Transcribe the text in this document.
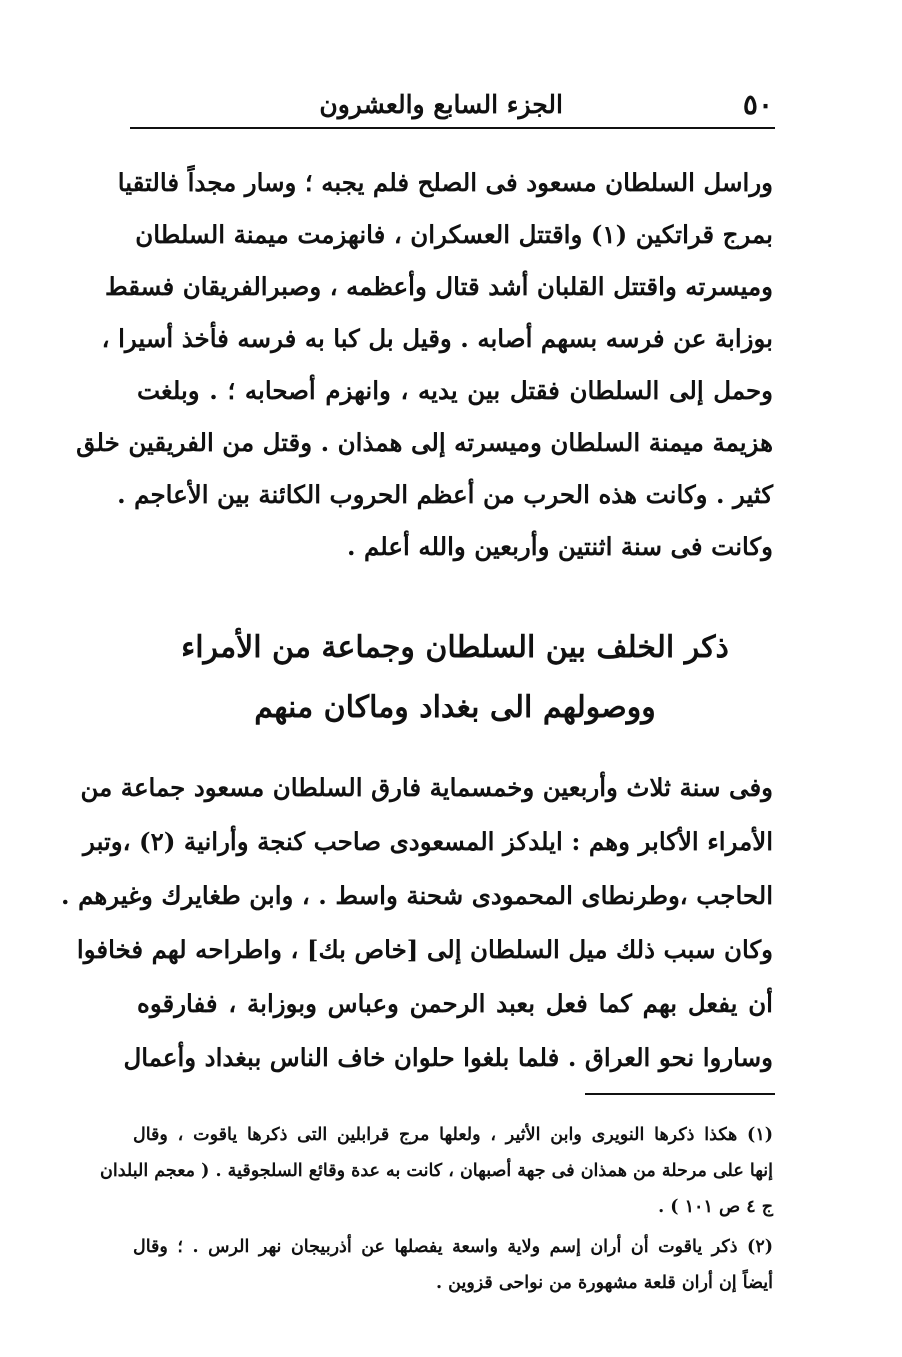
٥٠
الجزء السابع والعشرون
وراسل السلطان مسعود فى الصلح فلم يجبه ؛ وسار مجداً فالتقيا
بمرج قراتكين (١) واقتتل العسكران ، فانهزمت ميمنة السلطان
وميسرته واقتتل القلبان أشد قتال وأعظمه ، وصبرالفريقان فسقط
بوزابة عن فرسه بسهم أصابه . وقيل بل كبا به فرسه فأخذ أسيرا ،
وحمل إلى السلطان فقتل بين يديه ، وانهزم أصحابه ؛ . وبلغت
هزيمة ميمنة السلطان وميسرته إلى همذان . وقتل من الفريقين خلق
كثير . وكانت هذه الحرب من أعظم الحروب الكائنة بين الأعاجم .
وكانت فى سنة اثنتين وأربعين والله أعلم .
ذكر الخلف بين السلطان وجماعة من الأمراء
ووصولهم الى بغداد وماكان منهم
وفى سنة ثلاث وأربعين وخمسماية فارق السلطان مسعود جماعة من
الأمراء الأكابر وهم : ايلدكز المسعودى صاحب كنجة وأرانية (٢) ،وتبر
الحاجب ،وطرنطاى المحمودى شحنة واسط . ، وابن طغايرك وغيرهم .
وكان سبب ذلك ميل السلطان إلى [خاص بك] ، واطراحه لهم فخافوا
أن يفعل بهم كما فعل بعبد الرحمن وعباس وبوزابة ، ففارقوه
وساروا نحو العراق . فلما بلغوا حلوان خاف الناس ببغداد وأعمال
(١) هكذا ذكرها النويرى وابن الأثير ، ولعلها مرج قرابلين التى ذكرها ياقوت ، وقال
إنها على مرحلة من همذان فى جهة أصبهان ، كانت به عدة وقائع السلجوقية . ( معجم البلدان
ج ٤ ص ١٠١ ) .
(٢) ذكر ياقوت أن أران إسم ولاية واسعة يفصلها عن أذربيجان نهر الرس . ؛ وقال
أيضاً إن أران قلعة مشهورة من نواحى قزوين .
